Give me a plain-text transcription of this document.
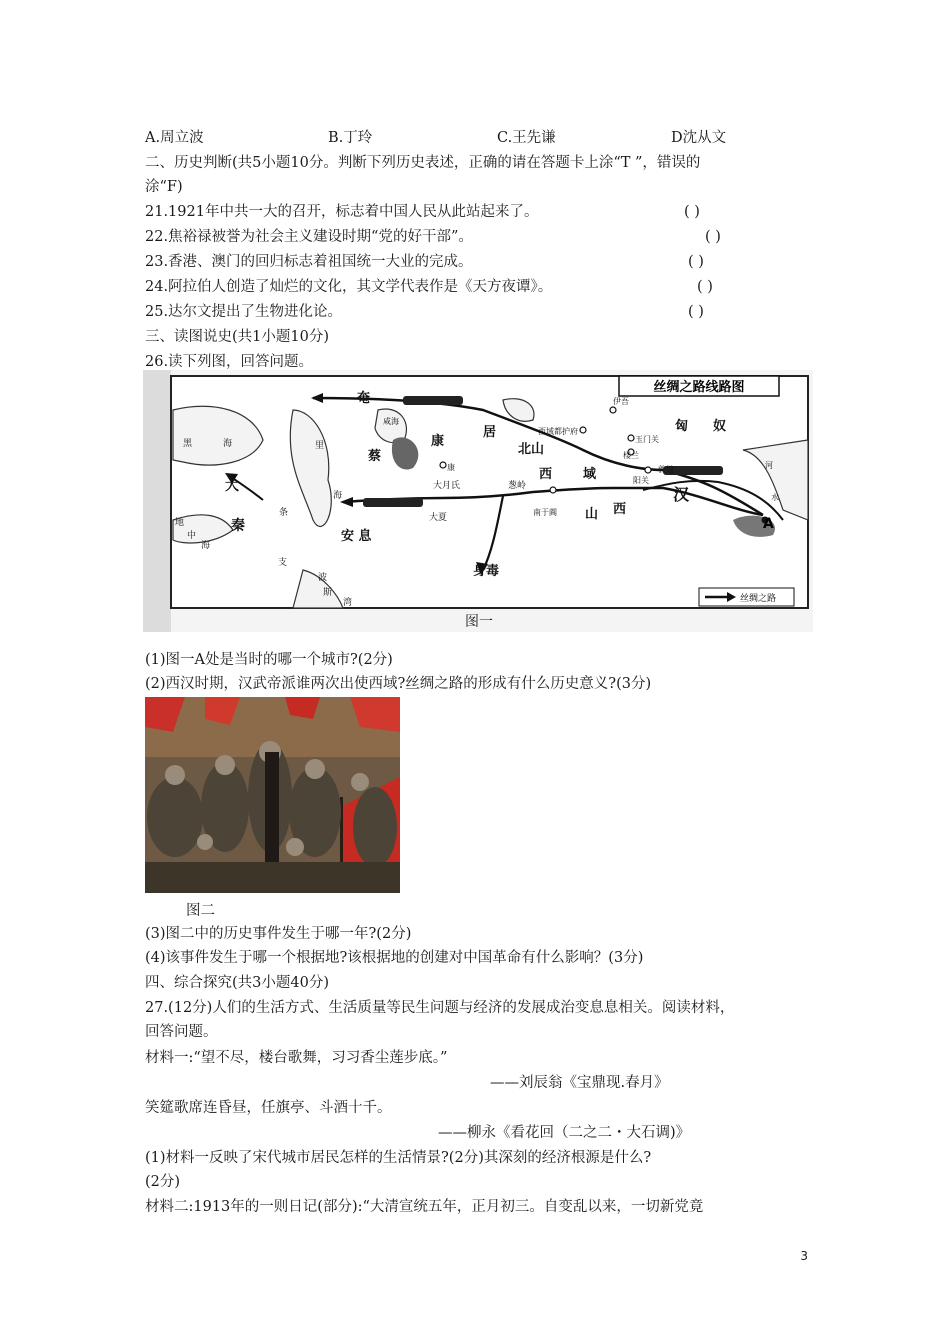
A.周立波	B.丁玲	C.王先谦	D沈从文
二、历史判断(共5小题10分。判断下列历史表述，正确的请在答题卡上涂“T ”，错误的
涂“F)
21.1921年中共一大的召开，标志着中国人民从此站起来了。	( )
22.焦裕禄被誉为社会主义建设时期“党的好干部”。	( )
23.香港、澳门的回归标志着祖国统一大业的完成。	( )
24.阿拉伯人创造了灿烂的文化，其文学代表作是《天方夜谭》。	( )
25.达尔文提出了生物进化论。	( )
三、读图说史(共1小题10分)
26.读下列图，回答问题。
丝绸之路线路图
丝绸之路
奄
蔡
康
居	匈 奴
北山
西 域
山 西
汉
大
秦
安 息
身毒
黑	海	里
海
咸海
西域都护府
伊吾
玉门关
楼兰
敦煌
阳关
大月氏
大夏
葱岭
南于阗
河
水
条
支
波
斯
湾
地
中
海
康
A
图一
(1)图一A处是当时的哪一个城市?(2分)
(2)西汉时期，汉武帝派谁两次出使西域?丝绸之路的形成有什么历史意义?(3分)
图二
(3)图二中的历史事件发生于哪一年?(2分)
(4)该事件发生于哪一个根据地?该根据地的创建对中国革命有什么影响？(3分)
四、综合探究(共3小题40分)
27.(12分)人们的生活方式、生活质量等民生问题与经济的发展成治变息息相关。阅读材料，
回答问题。
材料一:“望不尽，楼台歌舞，习习香尘莲步底。”
——刘辰翁《宝鼎现.春月》
笑筵歌席连昏昼，任旗亭、斗酒十千。
——柳永《看花回（二之二・大石调)》
(1)材料一反映了宋代城市居民怎样的生活情景?(2分)其深刻的经济根源是什么?
(2分)
材料二:1913年的一则日记(部分):“大清宣统五年，正月初三。自变乱以来，一切新党竟
3
